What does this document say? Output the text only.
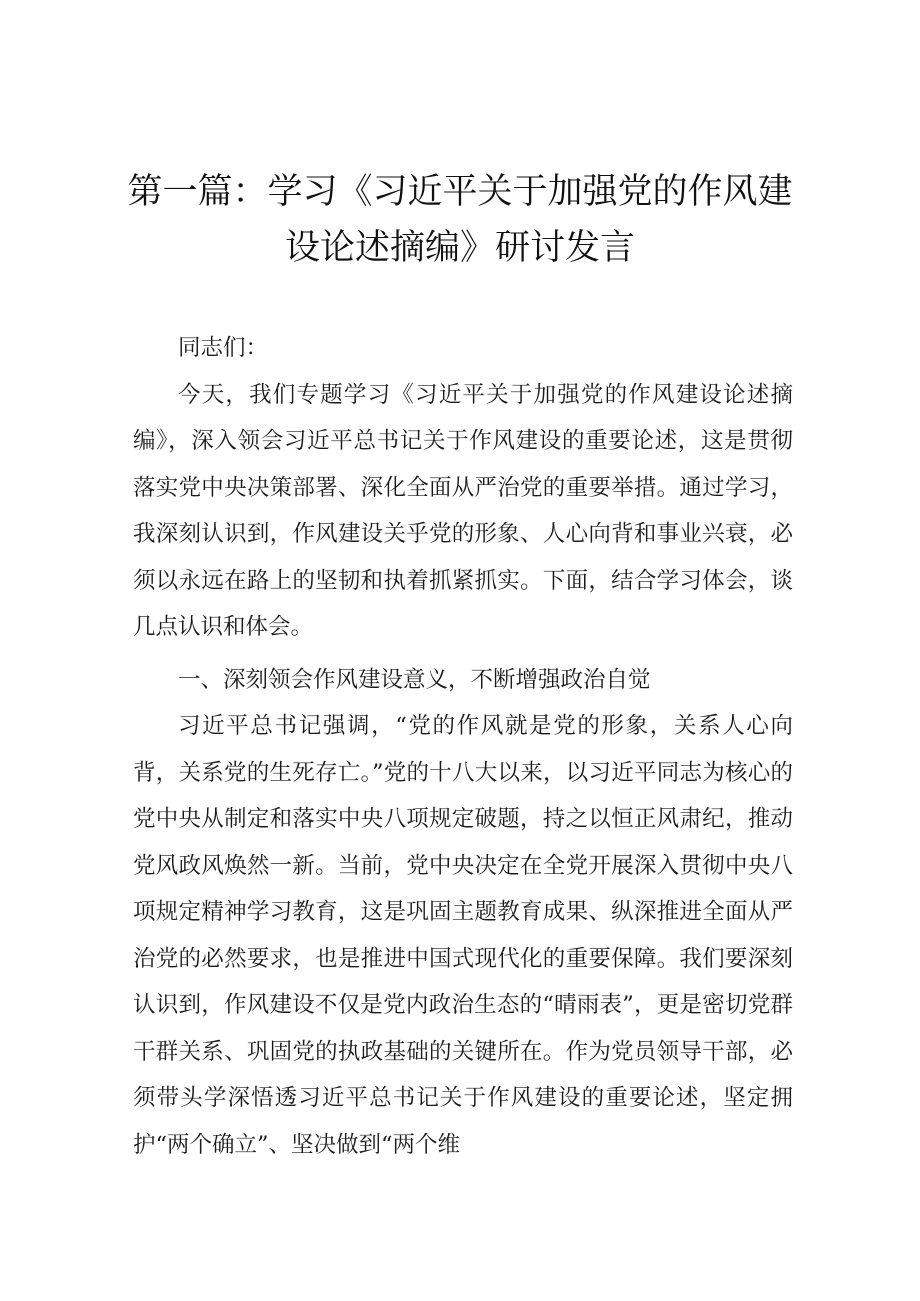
第一篇：学习《习近平关于加强党的作风建
设论述摘编》研讨发言

同志们：

今天，我们专题学习《习近平关于加强党的作风建设论述摘编》，深入领会习近平总书记关于作风建设的重要论述，这是贯彻落实党中央决策部署、深化全面从严治党的重要举措。通过学习，我深刻认识到，作风建设关乎党的形象、人心向背和事业兴衰，必须以永远在路上的坚韧和执着抓紧抓实。下面，结合学习体会，谈几点认识和体会。

一、深刻领会作风建设意义，不断增强政治自觉

习近平总书记强调，“党的作风就是党的形象，关系人心向背，关系党的生死存亡。”党的十八大以来，以习近平同志为核心的党中央从制定和落实中央八项规定破题，持之以恒正风肃纪，推动党风政风焕然一新。当前，党中央决定在全党开展深入贯彻中央八项规定精神学习教育，这是巩固主题教育成果、纵深推进全面从严治党的必然要求，也是推进中国式现代化的重要保障。我们要深刻认识到，作风建设不仅是党内政治生态的“晴雨表”，更是密切党群干群关系、巩固党的执政基础的关键所在。作为党员领导干部，必须带头学深悟透习近平总书记关于作风建设的重要论述，坚定拥护“两个确立”、坚决做到“两个维
